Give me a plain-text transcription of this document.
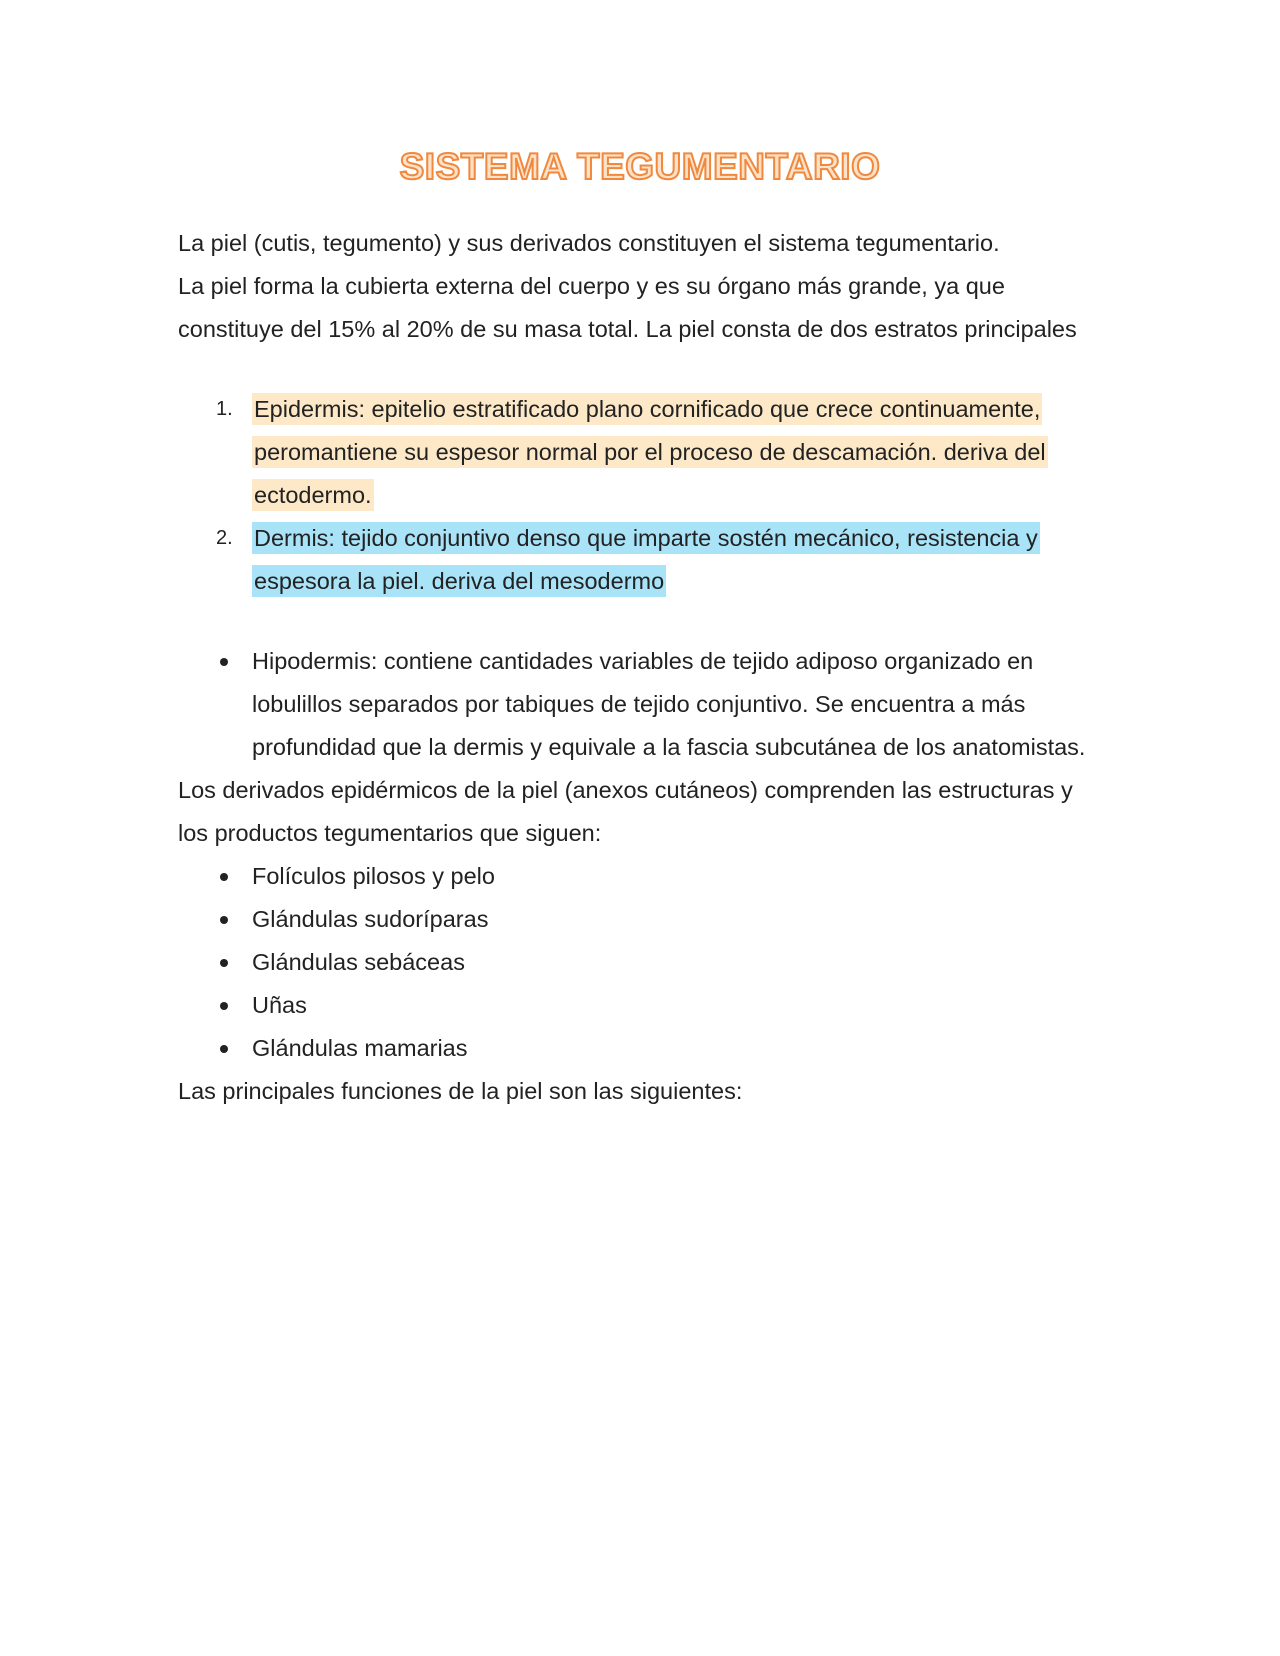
SISTEMA TEGUMENTARIO

La piel (cutis, tegumento) y sus derivados constituyen el sistema tegumentario.

La piel forma la cubierta externa del cuerpo y es su órgano más grande, ya que constituye del 15% al 20% de su masa total. La piel consta de dos estratos principales

1. Epidermis: epitelio estratificado plano cornificado que crece continuamente, peromantiene su espesor normal por el proceso de descamación. deriva del ectodermo.
2. Dermis: tejido conjuntivo denso que imparte sostén mecánico, resistencia y espesora la piel. deriva del mesodermo
Hipodermis: contiene cantidades variables de tejido adiposo organizado en lobulillos separados por tabiques de tejido conjuntivo. Se encuentra a más profundidad que la dermis y equivale a la fascia subcutánea de los anatomistas.

Los derivados epidérmicos de la piel (anexos cutáneos) comprenden las estructuras y los productos tegumentarios que siguen:

Folículos pilosos y pelo
Glándulas sudoríparas
Glándulas sebáceas
Uñas
Glándulas mamarias

Las principales funciones de la piel son las siguientes:
